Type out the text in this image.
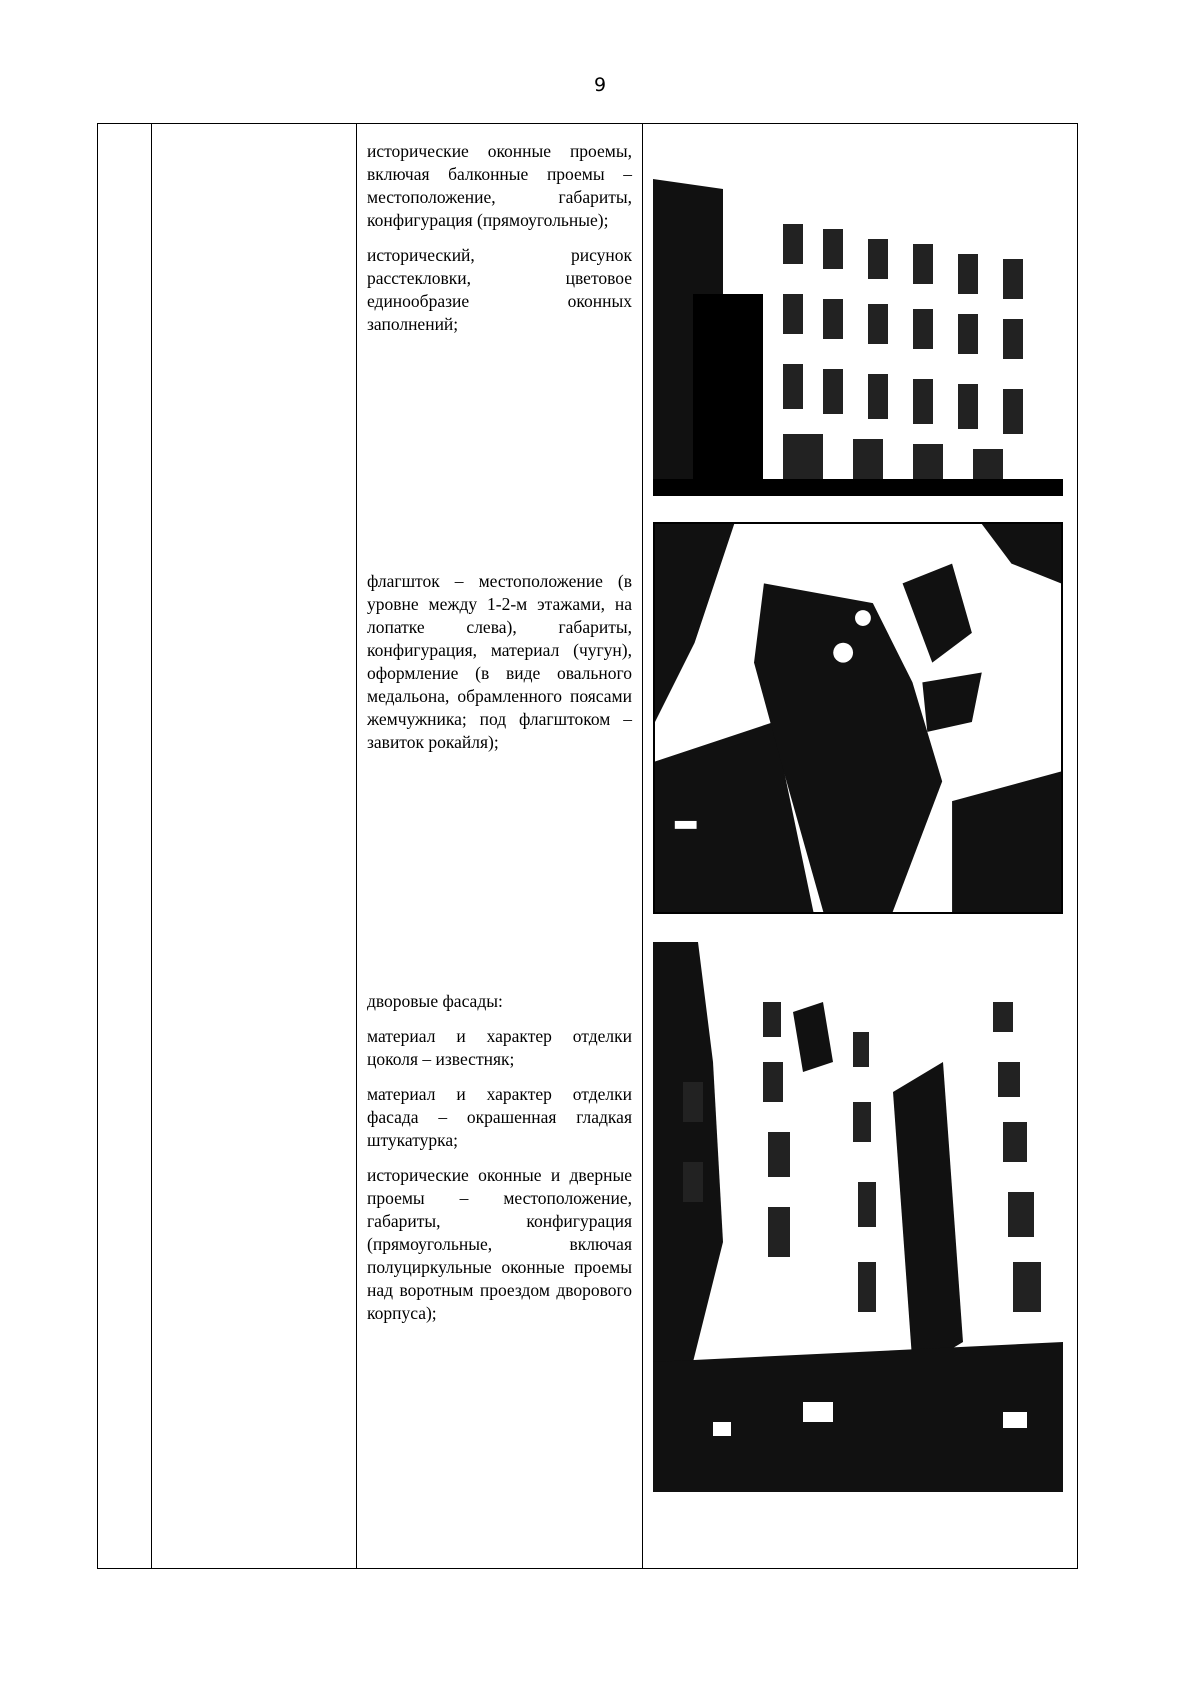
9

исторические оконные проемы, включая балконные проемы – местоположение, габариты, конфигурация (прямоугольные);

исторический, рисунок расстекловки, цветовое единообразие оконных заполнений;

флагшток – местоположение (в уровне между 1-2-м этажами, на лопатке слева), габариты, конфигурация, материал (чугун), оформление (в виде овального медальона, обрамленного поясами жемчужника; под флагштоком – завиток рокайля);

дворовые фасады:

материал и характер отделки цоколя – известняк;

материал и характер отделки фасада – окрашенная гладкая штукатурка;

исторические оконные и дверные проемы – местоположение, габариты, конфигурация (прямоугольные, включая полуциркульные оконные проемы над воротным проездом дворового корпуса);
